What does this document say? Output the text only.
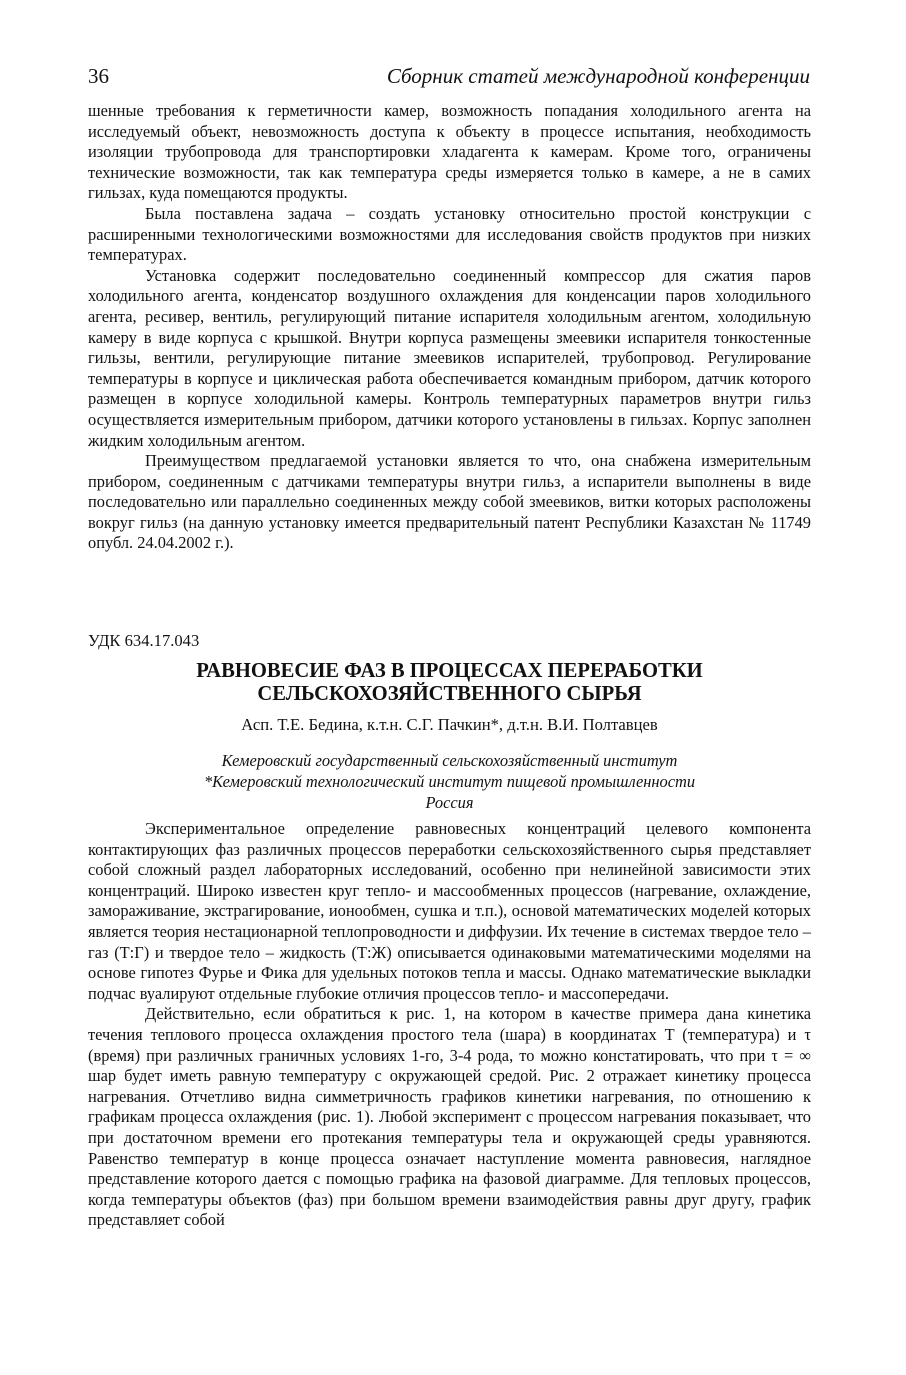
36	Сборник статей международной конференции

шенные требования к герметичности камер, возможность попадания холодильного агента на исследуемый объект, невозможность доступа к объекту в процессе испытания, необходимость изоляции трубопровода для транспортировки хладагента к камерам. Кроме того, ограничены технические возможности, так как температура среды измеряется только в камере, а не в самих гильзах, куда помещаются продукты.

Была поставлена задача – создать установку относительно простой конструкции с расширенными технологическими возможностями для исследования свойств продуктов при низких температурах.

Установка содержит последовательно соединенный компрессор для сжатия паров холодильного агента, конденсатор воздушного охлаждения для конденсации паров холодильного агента, ресивер, вентиль, регулирующий питание испарителя холодильным агентом, холодильную камеру в виде корпуса с крышкой. Внутри корпуса размещены змеевики испарителя тонкостенные гильзы, вентили, регулирующие питание змеевиков испарителей, трубопровод. Регулирование температуры в корпусе и циклическая работа обеспечивается командным прибором, датчик которого размещен в корпусе холодильной камеры. Контроль температурных параметров внутри гильз осуществляется измерительным прибором, датчики которого установлены в гильзах. Корпус заполнен жидким холодильным агентом.

Преимуществом предлагаемой установки является то что, она снабжена измерительным прибором, соединенным с датчиками температуры внутри гильз, а испарители выполнены в виде последовательно или параллельно соединенных между собой змеевиков, витки которых расположены вокруг гильз (на данную установку имеется предварительный патент Республики Казахстан № 11749 опубл. 24.04.2002 г.).

УДК 634.17.043
РАВНОВЕСИЕ ФАЗ В ПРОЦЕССАХ ПЕРЕРАБОТКИ
СЕЛЬСКОХОЗЯЙСТВЕННОГО СЫРЬЯ
Асп. Т.Е. Бедина, к.т.н. С.Г. Пачкин*, д.т.н. В.И. Полтавцев
Кемеровский государственный сельскохозяйственный институт
*Кемеровский технологический институт пищевой промышленности
Россия

Экспериментальное определение равновесных концентраций целевого компонента контактирующих фаз различных процессов переработки сельскохозяйственного сырья представляет собой сложный раздел лабораторных исследований, особенно при нелинейной зависимости этих концентраций. Широко известен круг тепло- и массообменных процессов (нагревание, охлаждение, замораживание, экстрагирование, ионообмен, сушка и т.п.), основой математических моделей которых является теория нестационарной теплопроводности и диффузии. Их течение в системах твердое тело – газ (Т:Г) и твердое тело – жидкость (Т:Ж) описывается одинаковыми математическими моделями на основе гипотез Фурье и Фика для удельных потоков тепла и массы. Однако математические выкладки подчас вуалируют отдельные глубокие отличия процессов тепло- и массопередачи.

Действительно, если обратиться к рис. 1, на котором в качестве примера дана кинетика течения теплового процесса охлаждения простого тела (шара) в координатах T (температура) и τ (время) при различных граничных условиях 1-го, 3-4 рода, то можно констатировать, что при τ = ∞ шар будет иметь равную температуру с окружающей средой. Рис. 2 отражает кинетику процесса нагревания. Отчетливо видна симметричность графиков кинетики нагревания, по отношению к графикам процесса охлаждения (рис. 1). Любой эксперимент с процессом нагревания показывает, что при достаточном времени его протекания температуры тела и окружающей среды уравняются. Равенство температур в конце процесса означает наступление момента равновесия, наглядное представление которого дается с помощью графика на фазовой диаграмме. Для тепловых процессов, когда температуры объектов (фаз) при большом времени взаимодействия равны друг другу, график представляет собой
